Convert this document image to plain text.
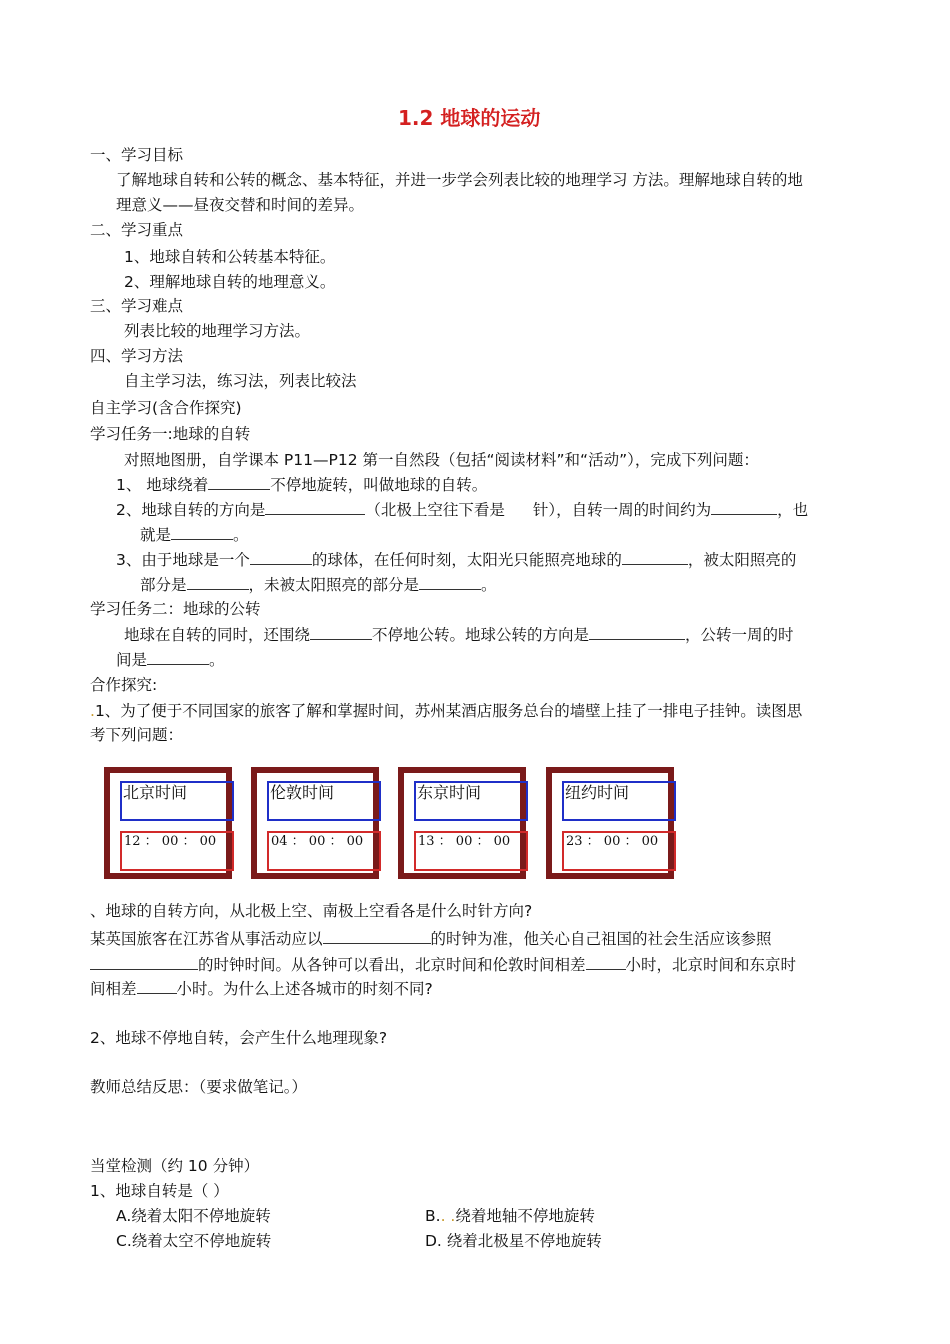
1.2 地球的运动
一、学习目标
了解地球自转和公转的概念、基本特征，并进一步学会列表比较的地理学习 方法。理解地球自转的地
理意义——昼夜交替和时间的差异。
二、学习重点
1、地球自转和公转基本特征。
2、理解地球自转的地理意义。
三、学习难点
列表比较的地理学习方法。
四、学习方法
自主学习法，练习法，列表比较法
自主学习(含合作探究)
学习任务一:地球的自转
对照地图册，自学课本 P11—P12 第一自然段（包括“阅读材料”和“活动”），完成下列问题：
1、 地球绕着	不停地旋转，叫做地球的自转。
2、地球自转的方向是	（北极上空往下看是 针），自转一周的时间约为	，也
就是	。
3、由于地球是一个	的球体，在任何时刻，太阳光只能照亮地球的	，被太阳照亮的
部分是	，未被太阳照亮的部分是	。
学习任务二：地球的公转
地球在自转的同时，还围绕	不停地公转。地球公转的方向是	，公转一周的时
间是	。
合作探究:
.1、为了便于不同国家的旅客了解和掌握时间，苏州某酒店服务总台的墙壁上挂了一排电子挂钟。读图思
考下列问题：
北京时间
12 ： 00 ： 00
伦敦时间
04 ： 00 ： 00
东京时间
13 ： 00 ： 00
纽约时间
23 ： 00 ： 00
、地球的自转方向，从北极上空、南极上空看各是什么时针方向?
某英国旅客在江苏省从事活动应以	的时钟为准，他关心自己祖国的社会生活应该参照
的时钟时间。从各钟可以看出，北京时间和伦敦时间相差	小时，北京时间和东京时
间相差	小时。为什么上述各城市的时刻不同?
2、地球不停地自转，会产生什么地理现象?
教师总结反思：（要求做笔记。）
当堂检测（约 10 分钟）
1、地球自转是（ ）
A.绕着太阳不停地旋转	B.. .绕着地轴不停地旋转
C.绕着太空不停地旋转	D. 绕着北极星不停地旋转
